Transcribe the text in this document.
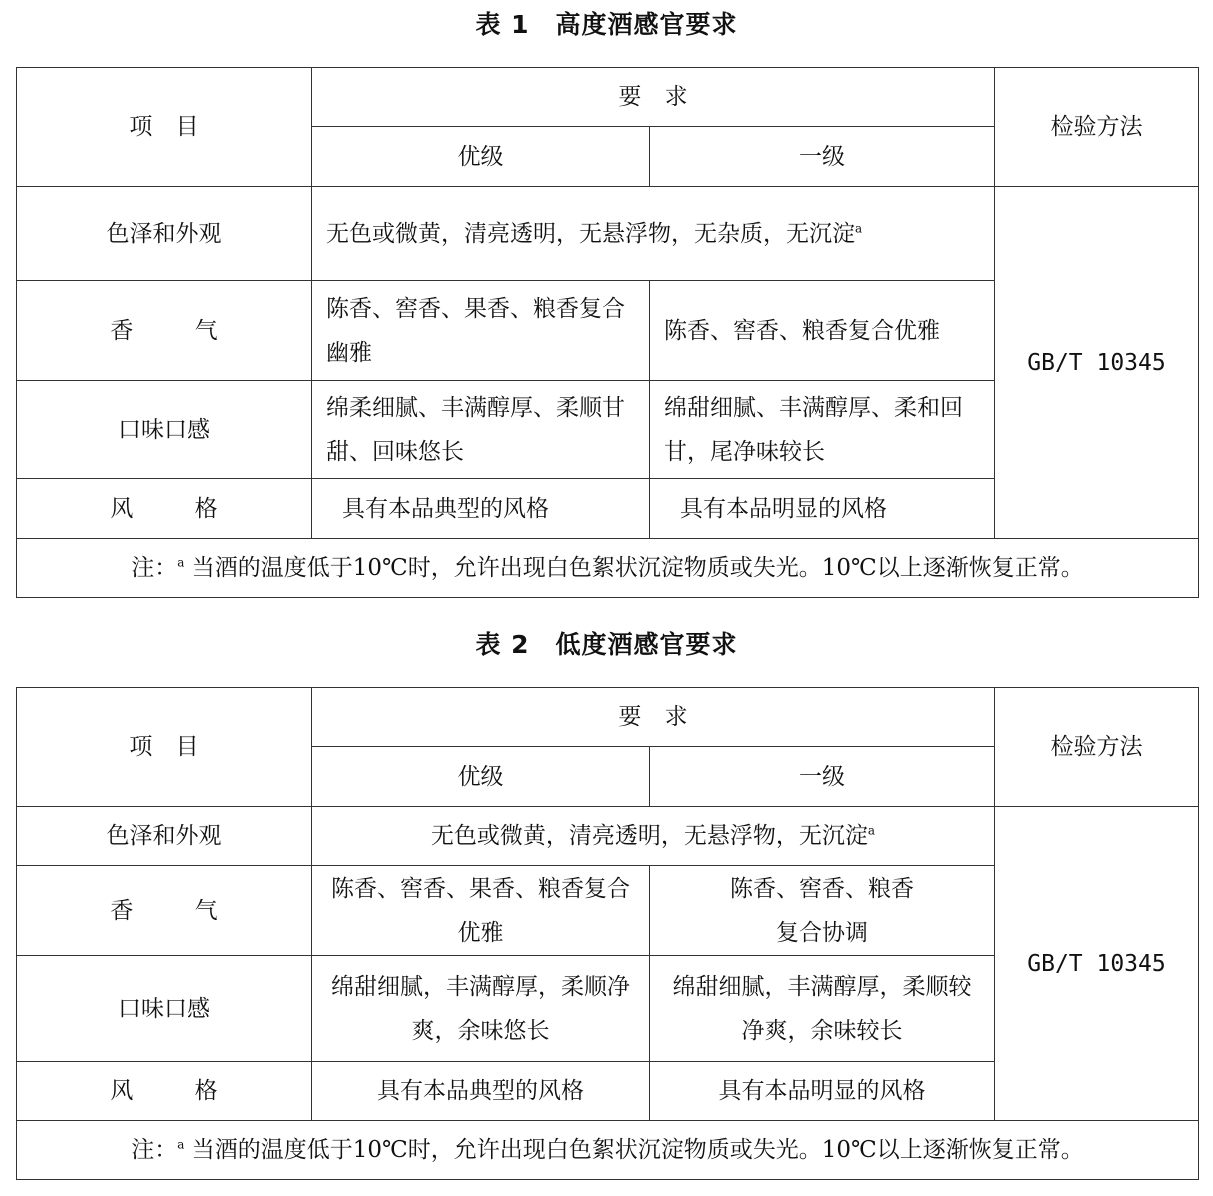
表 1　高度酒感官要求
项 目	要 求		检验方法
	优级	一级	
色泽和外观	无色或微黄，清亮透明，无悬浮物，无杂质，无沉淀$^a$		GB/T 10345
香 气	陈香、窖香、果香、粮香复合幽雅	陈香、窖香、粮香复合优雅	
口味口感	绵柔细腻、丰满醇厚、柔顺甘甜、回味悠长	绵甜细腻、丰满醇厚、柔和回甘，尾净味较长	
风 格	具有本品典型的风格	具有本品明显的风格	
注：$^a$ 当酒的温度低于10℃时，允许出现白色絮状沉淀物质或失光。10℃以上逐渐恢复正常。			
表 2　低度酒感官要求
项 目	要 求		检验方法
	优级	一级	
色泽和外观	无色或微黄，清亮透明，无悬浮物，无沉淀$^a$		GB/T 10345
香 气	陈香、窖香、果香、粮香复合优雅	陈香、窖香、粮香复合协调	
口味口感	绵甜细腻，丰满醇厚，柔顺净爽，余味悠长	绵甜细腻，丰满醇厚，柔顺较净爽，余味较长	
风 格	具有本品典型的风格	具有本品明显的风格	
注：$^a$ 当酒的温度低于10℃时，允许出现白色絮状沉淀物质或失光。10℃以上逐渐恢复正常。			
